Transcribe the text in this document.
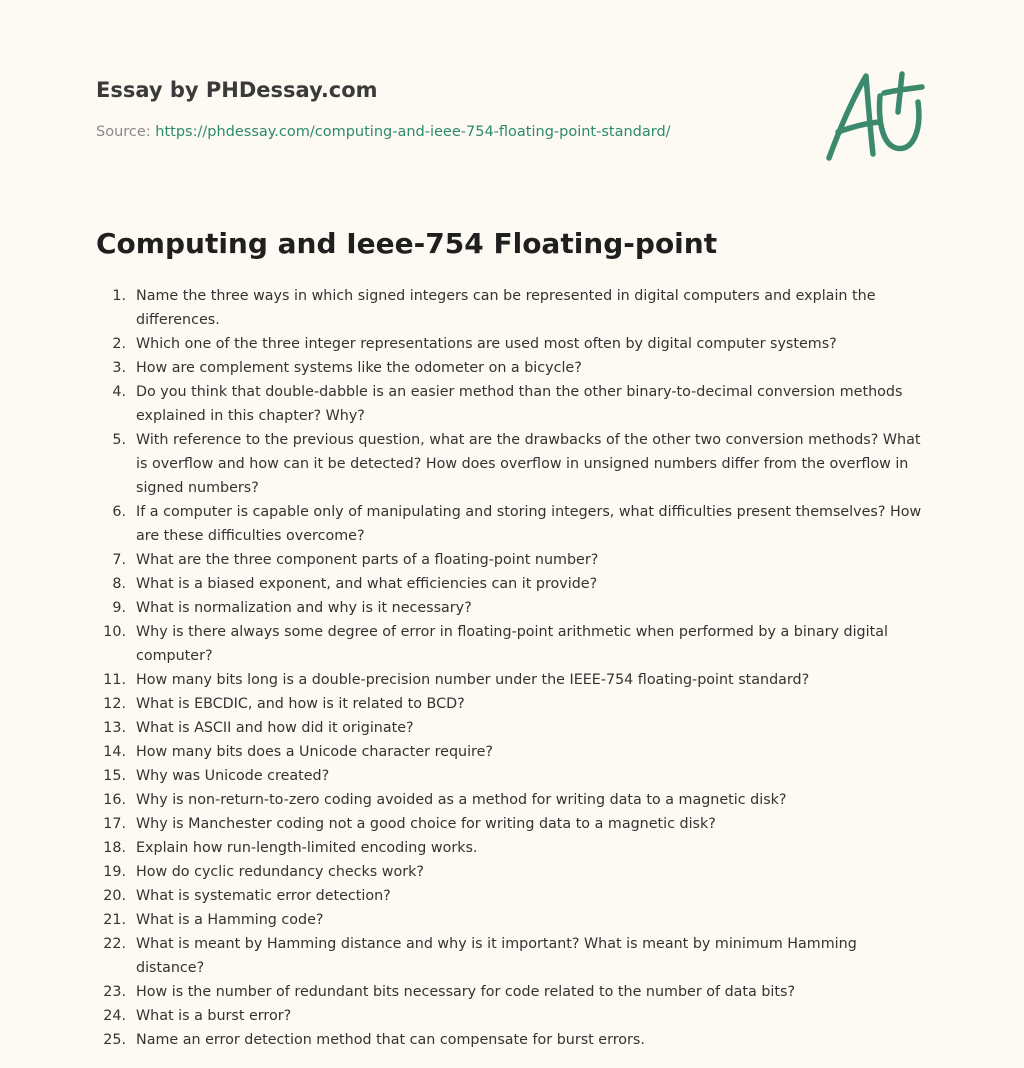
Essay by PHDessay.com
Source: https://phdessay.com/computing-and-ieee-754-floating-point-standard/
Computing and Ieee-754 Floating-point
1. Name the three ways in which signed integers can be represented in digital computers and explain the differences.
2. Which one of the three integer representations are used most often by digital computer systems?
3. How are complement systems like the odometer on a bicycle?
4. Do you think that double-dabble is an easier method than the other binary-to-decimal conversion methods explained in this chapter? Why?
5. With reference to the previous question, what are the drawbacks of the other two conversion methods? What is overflow and how can it be detected? How does overflow in unsigned numbers differ from the overflow in signed numbers?
6. If a computer is capable only of manipulating and storing integers, what difficulties present themselves? How are these difficulties overcome?
7. What are the three component parts of a floating-point number?
8. What is a biased exponent, and what efficiencies can it provide?
9. What is normalization and why is it necessary?
10. Why is there always some degree of error in floating-point arithmetic when performed by a binary digital computer?
11. How many bits long is a double-precision number under the IEEE-754 floating-point standard?
12. What is EBCDIC, and how is it related to BCD?
13. What is ASCII and how did it originate?
14. How many bits does a Unicode character require?
15. Why was Unicode created?
16. Why is non-return-to-zero coding avoided as a method for writing data to a magnetic disk?
17. Why is Manchester coding not a good choice for writing data to a magnetic disk?
18. Explain how run-length-limited encoding works.
19. How do cyclic redundancy checks work?
20. What is systematic error detection?
21. What is a Hamming code?
22. What is meant by Hamming distance and why is it important? What is meant by minimum Hamming distance?
23. How is the number of redundant bits necessary for code related to the number of data bits?
24. What is a burst error?
25. Name an error detection method that can compensate for burst errors.
